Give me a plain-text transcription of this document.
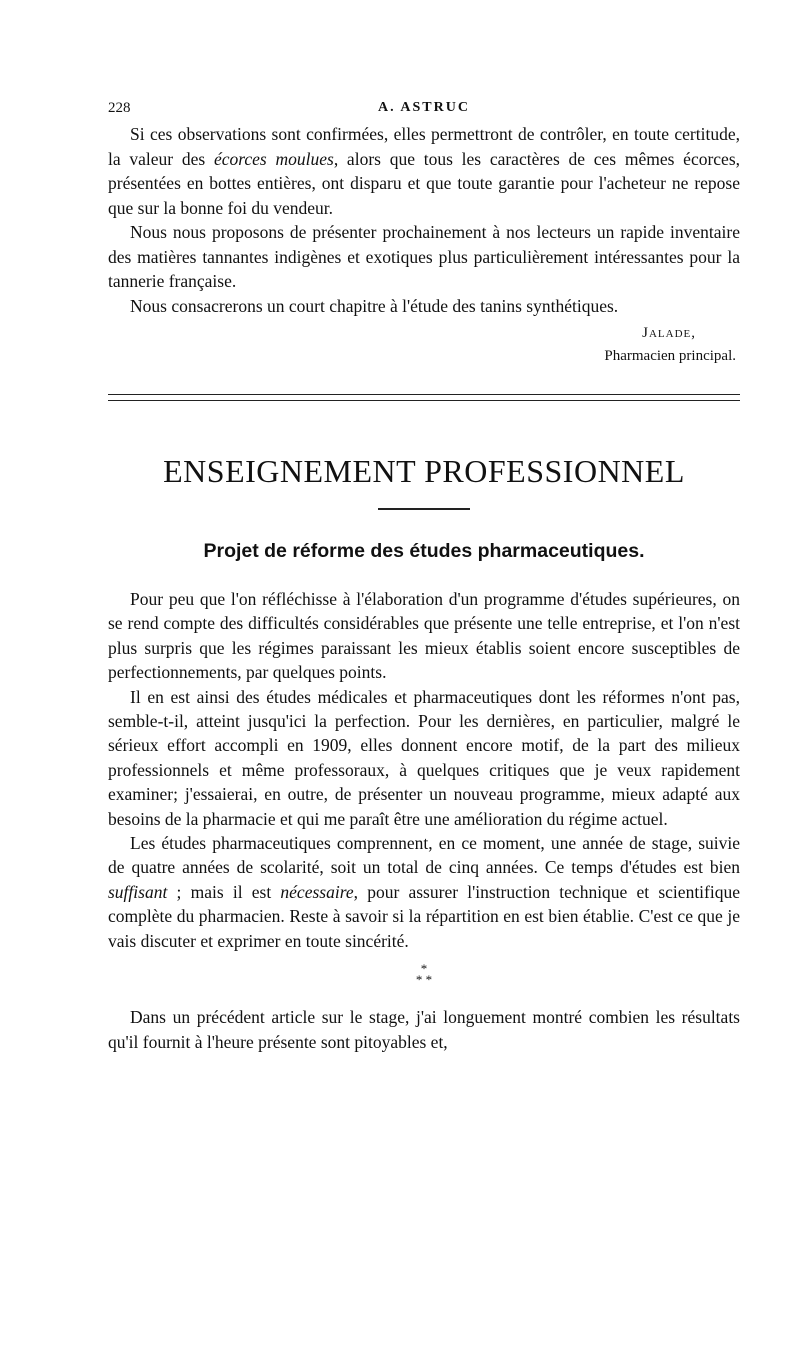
228	A. ASTRUC

Si ces observations sont confirmées, elles permettront de contrôler, en toute certitude, la valeur des écorces moulues, alors que tous les caractères de ces mêmes écorces, présentées en bottes entières, ont disparu et que toute garantie pour l'acheteur ne repose que sur la bonne foi du vendeur.

Nous nous proposons de présenter prochainement à nos lecteurs un rapide inventaire des matières tannantes indigènes et exotiques plus particulièrement intéressantes pour la tannerie française.

Nous consacrerons un court chapitre à l'étude des tanins synthétiques.

Jalade,
Pharmacien principal.
ENSEIGNEMENT PROFESSIONNEL
Projet de réforme des études pharmaceutiques.

Pour peu que l'on réfléchisse à l'élaboration d'un programme d'études supérieures, on se rend compte des difficultés considérables que présente une telle entreprise, et l'on n'est plus surpris que les régimes paraissant les mieux établis soient encore susceptibles de perfectionnements, par quelques points.

Il en est ainsi des études médicales et pharmaceutiques dont les réformes n'ont pas, semble-t-il, atteint jusqu'ici la perfection. Pour les dernières, en particulier, malgré le sérieux effort accompli en 1909, elles donnent encore motif, de la part des milieux professionnels et même professoraux, à quelques critiques que je veux rapidement examiner; j'essaierai, en outre, de présenter un nouveau programme, mieux adapté aux besoins de la pharmacie et qui me paraît être une amélioration du régime actuel.

Les études pharmaceutiques comprennent, en ce moment, une année de stage, suivie de quatre années de scolarité, soit un total de cinq années. Ce temps d'études est bien suffisant ; mais il est nécessaire, pour assurer l'instruction technique et scientifique complète du pharmacien. Reste à savoir si la répartition en est bien établie. C'est ce que je vais discuter et exprimer en toute sincérité.

*
* *

Dans un précédent article sur le stage, j'ai longuement montré combien les résultats qu'il fournit à l'heure présente sont pitoyables et,
